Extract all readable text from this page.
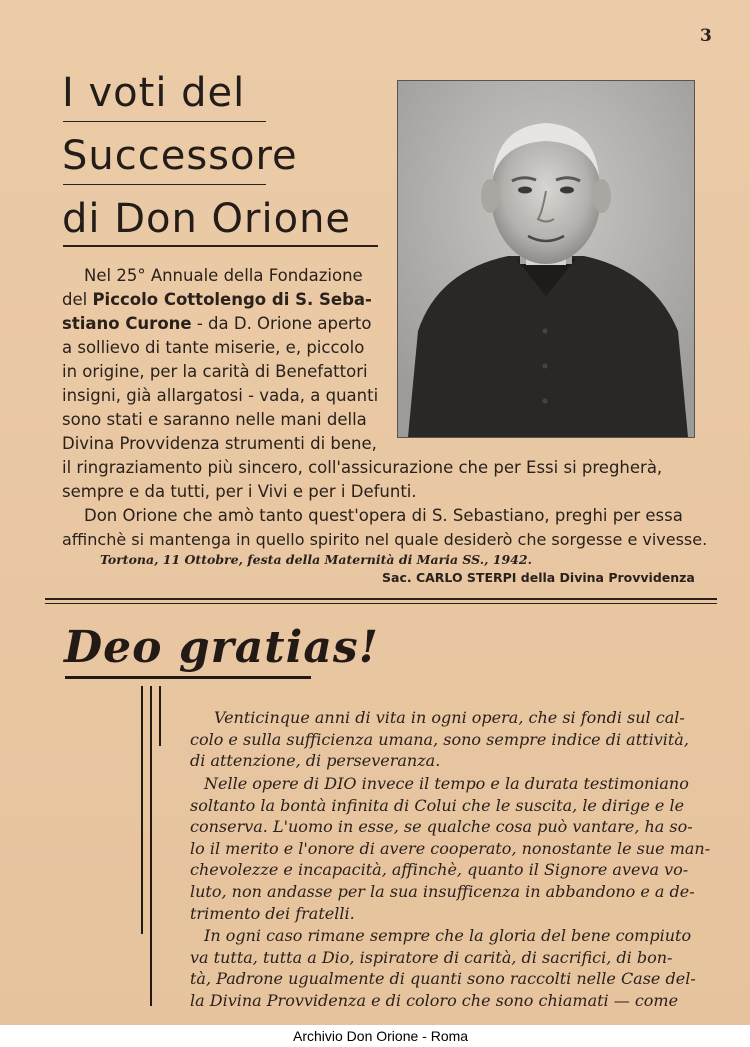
3
I voti del
Successore
di Don Orione
Nel 25° Annuale della Fondazione
del Piccolo Cottolengo di S. Seba-
stiano Curone - da D. Orione aperto
a sollievo di tante miserie, e, piccolo
in origine, per la carità di Benefattori
insigni, già allargatosi - vada, a quanti
sono stati e saranno nelle mani della
Divina Provvidenza strumenti di bene,
il ringraziamento più sincero, coll'assicurazione che per Essi si pregherà,
sempre e da tutti, per i Vivi e per i Defunti.
Don Orione che amò tanto quest'opera di S. Sebastiano, preghi per essa
affinchè si mantenga in quello spirito nel quale desiderò che sorgesse e vivesse.
Tortona, 11 Ottobre, festa della Maternità di Maria SS., 1942.
Sac. CARLO STERPI della Divina Provvidenza
Deo gratias!
Venticinque anni di vita in ogni opera, che si fondi sul cal-
colo e sulla sufficienza umana, sono sempre indice di attività,
di attenzione, di perseveranza.
Nelle opere di DIO invece il tempo e la durata testimoniano
soltanto la bontà infinita di Colui che le suscita, le dirige e le
conserva. L'uomo in esse, se qualche cosa può vantare, ha so-
lo il merito e l'onore di avere cooperato, nonostante le sue man-
chevolezze e incapacità, affinchè, quanto il Signore aveva vo-
luto, non andasse per la sua insufficenza in abbandono e a de-
trimento dei fratelli.
In ogni caso rimane sempre che la gloria del bene compiuto
va tutta, tutta a Dio, ispiratore di carità, di sacrifici, di bon-
tà, Padrone ugualmente di quanti sono raccolti nelle Case del-
la Divina Provvidenza e di coloro che sono chiamati — come
Archivio Don Orione - Roma
